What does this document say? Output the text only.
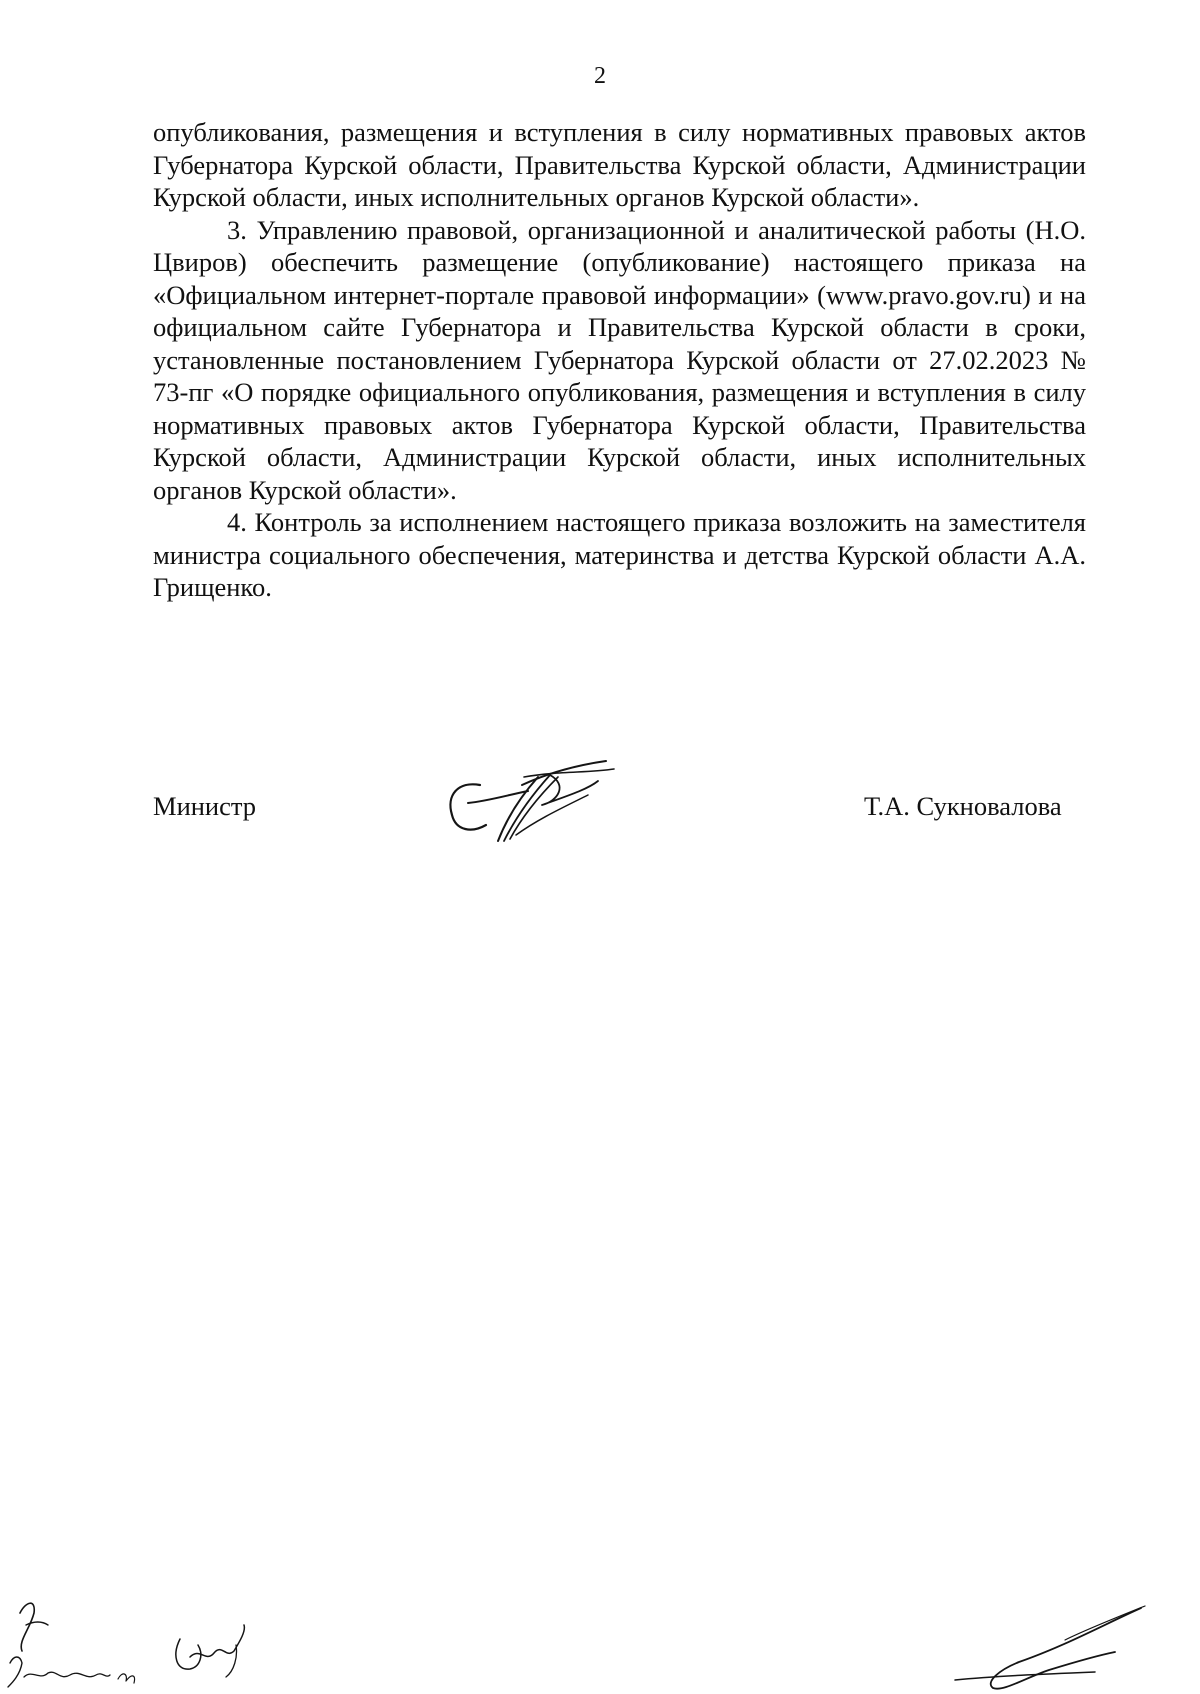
2

опубликования, размещения и вступления в силу нормативных правовых актов Губернатора Курской области, Правительства Курской области, Администрации Курской области, иных исполнительных органов Курской области».

3. Управлению правовой, организационной и аналитической работы (Н.О. Цвиров) обеспечить размещение (опубликование) настоящего приказа на «Официальном интернет-портале правовой информации» (www.pravo.gov.ru) и на официальном сайте Губернатора и Правительства Курской области в сроки, установленные постановлением Губернатора Курской области от 27.02.2023 № 73-пг «О порядке официального опубликования, размещения и вступления в силу нормативных правовых актов Губернатора Курской области, Правительства Курской области, Администрации Курской области, иных исполнительных органов Курской области».

4. Контроль за исполнением настоящего приказа возложить на заместителя министра социального обеспечения, материнства и детства Курской области А.А. Грищенко.

Министр	Т.А. Сукновалова
